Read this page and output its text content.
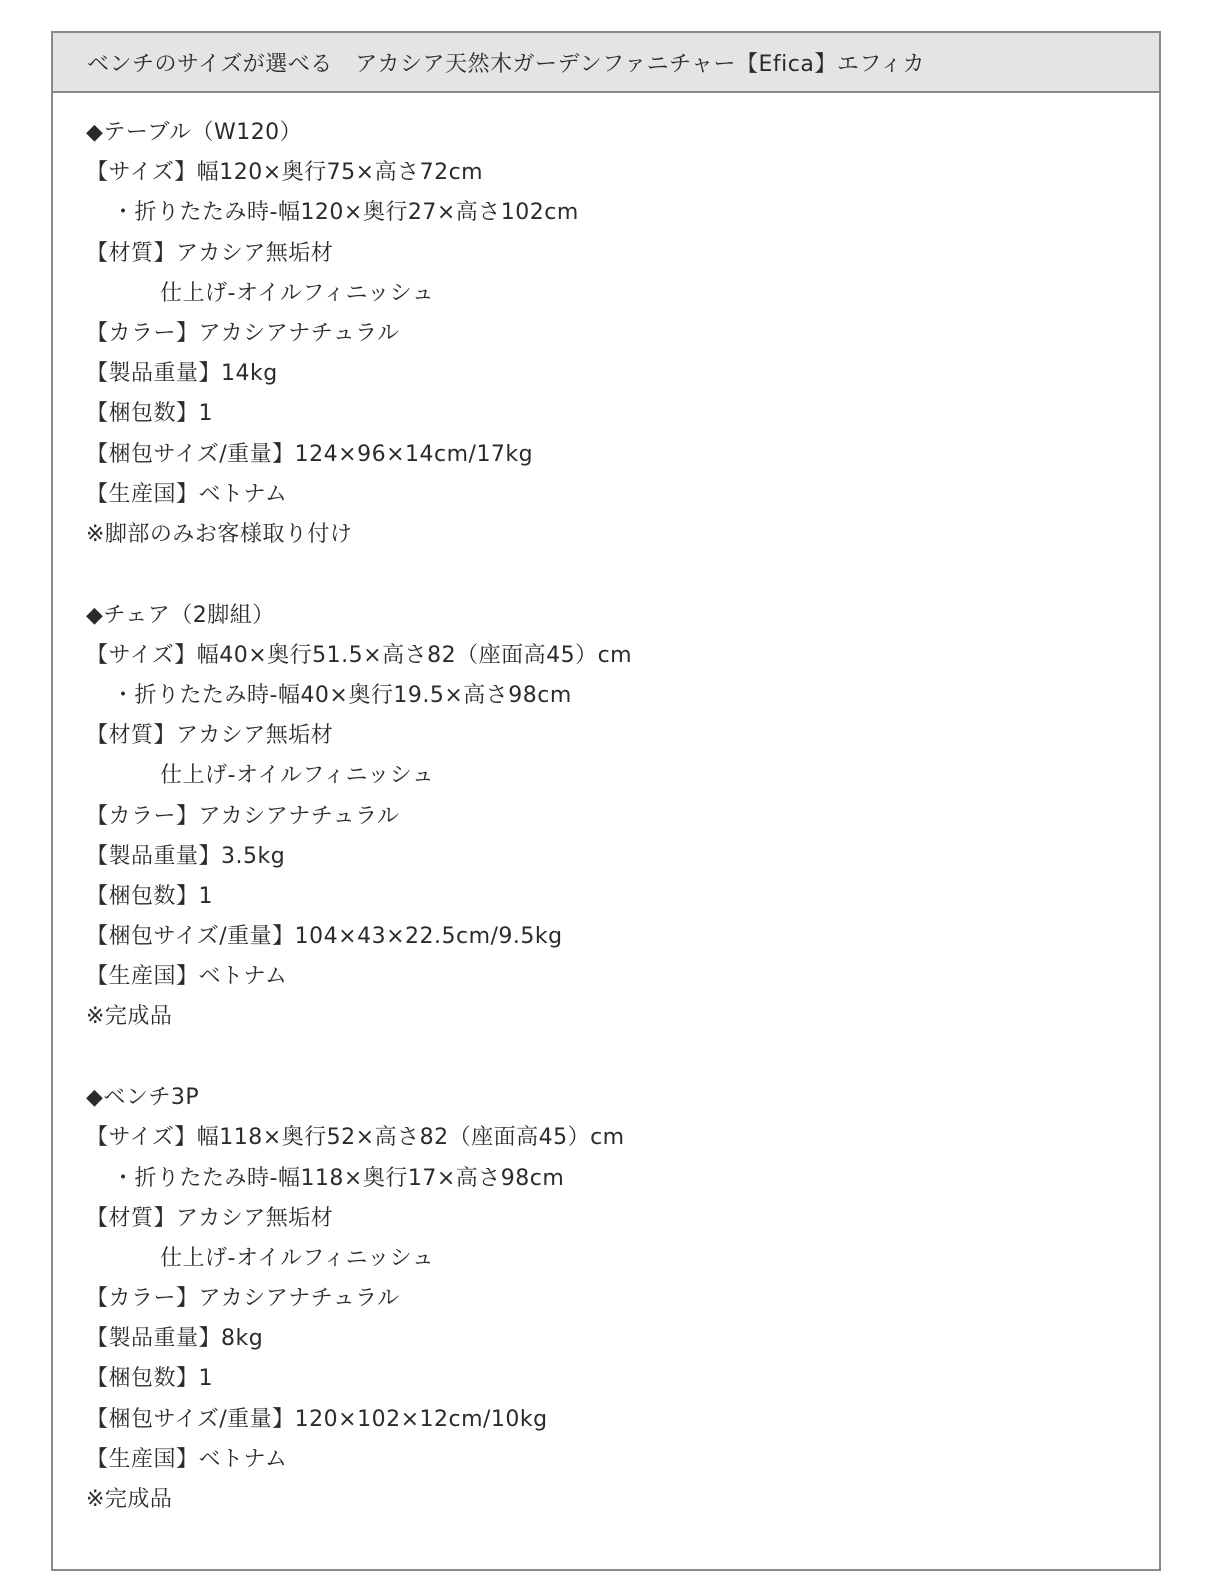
ベンチのサイズが選べる　アカシア天然木ガーデンファニチャー【Efica】エフィカ
◆テーブル（W120）
【サイズ】幅120×奥行75×高さ72cm
・折りたたみ時-幅120×奥行27×高さ102cm
【材質】アカシア無垢材
仕上げ-オイルフィニッシュ
【カラー】アカシアナチュラル
【製品重量】14kg
【梱包数】1
【梱包サイズ/重量】124×96×14cm/17kg
【生産国】ベトナム
※脚部のみお客様取り付け
◆チェア（2脚組）
【サイズ】幅40×奥行51.5×高さ82（座面高45）cm
・折りたたみ時-幅40×奥行19.5×高さ98cm
【材質】アカシア無垢材
仕上げ-オイルフィニッシュ
【カラー】アカシアナチュラル
【製品重量】3.5kg
【梱包数】1
【梱包サイズ/重量】104×43×22.5cm/9.5kg
【生産国】ベトナム
※完成品
◆ベンチ3P
【サイズ】幅118×奥行52×高さ82（座面高45）cm
・折りたたみ時-幅118×奥行17×高さ98cm
【材質】アカシア無垢材
仕上げ-オイルフィニッシュ
【カラー】アカシアナチュラル
【製品重量】8kg
【梱包数】1
【梱包サイズ/重量】120×102×12cm/10kg
【生産国】ベトナム
※完成品
